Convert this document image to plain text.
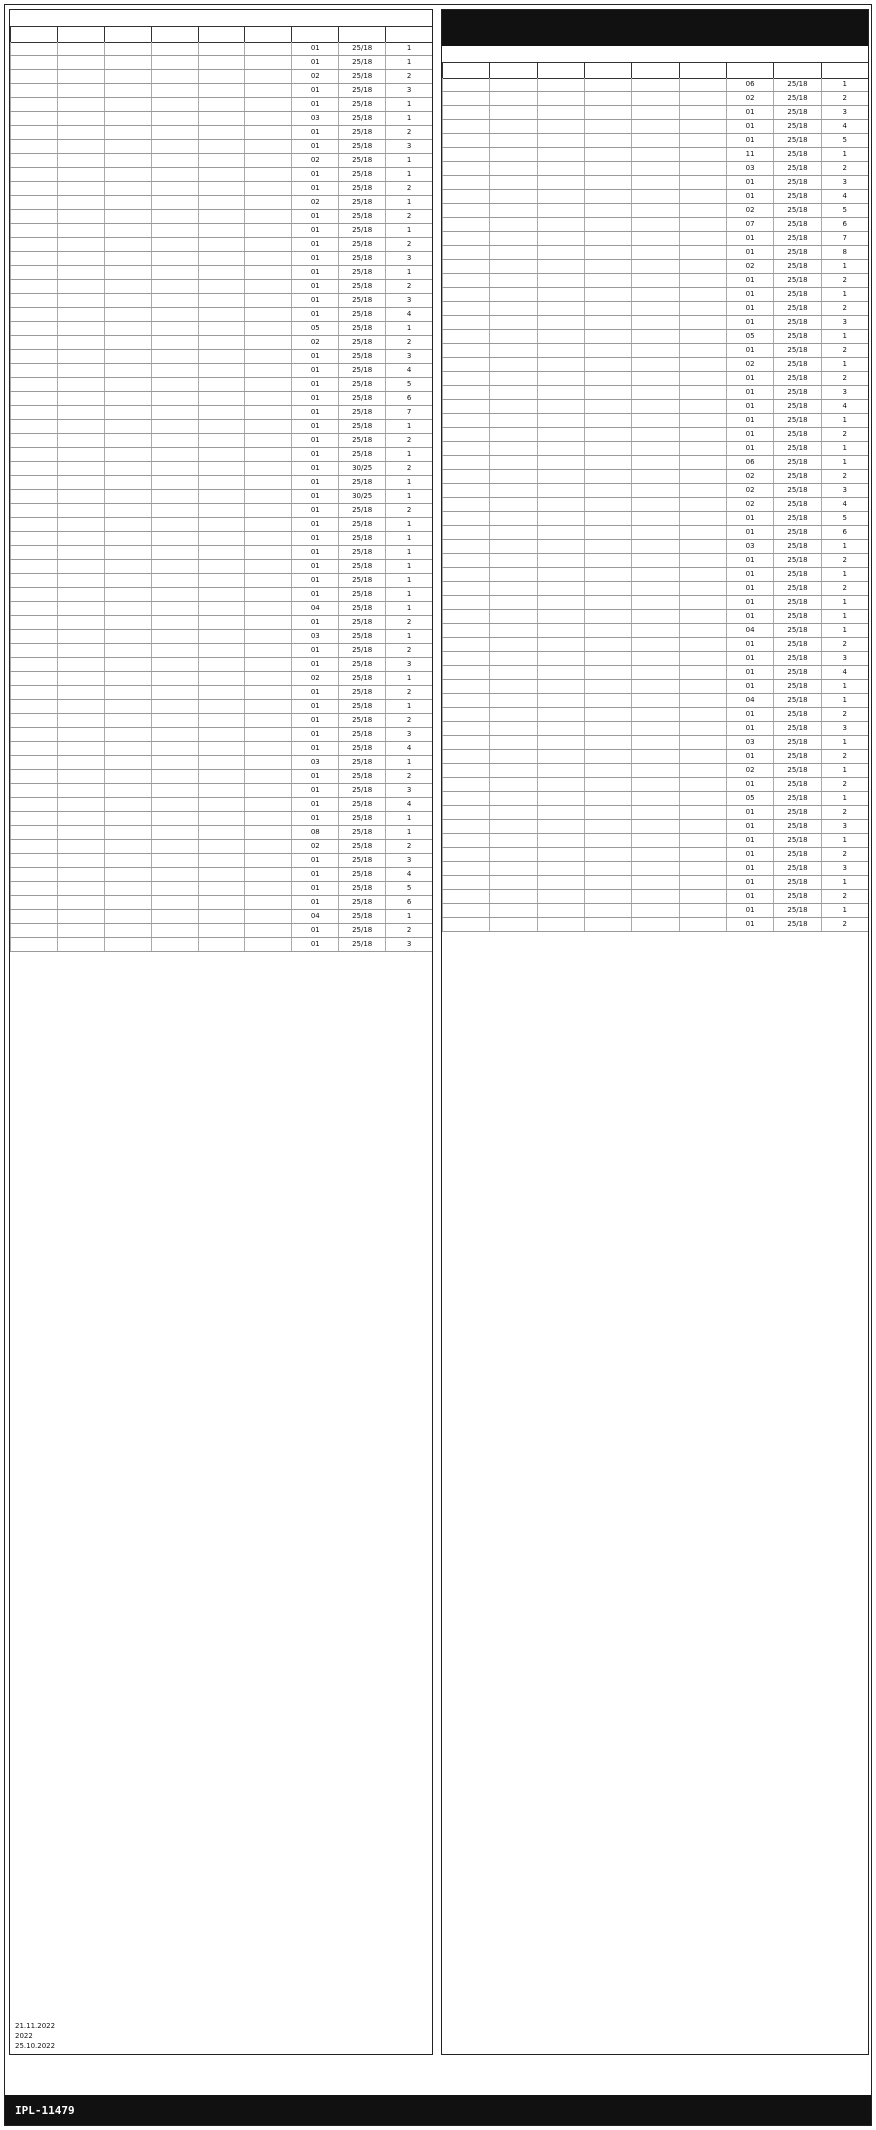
06	25/18	1
02	25/18	2
01	25/18	3
01	25/18	4
01	25/18	5
11	25/18	1
03	25/18	2
01	25/18	3
01	25/18	4
02	25/18	5
07	25/18	6
01	25/18	7
01	25/18	8
02	25/18	1
01	25/18	2
01	25/18	1
01	25/18	2
01	25/18	3
05	25/18	1
01	25/18	2
02	25/18	1
01	25/18	2
01	25/18	3
01	25/18	4
01	25/18	1
01	25/18	2
01	25/18	1
06	25/18	1
02	25/18	2
02	25/18	3
02	25/18	4
01	25/18	5
01	25/18	6
03	25/18	1
01	25/18	2
01	25/18	1
01	25/18	2
01	25/18	1
01	25/18	1
04	25/18	1
01	25/18	2
01	25/18	3
01	25/18	4
01	25/18	1
04	25/18	1
01	25/18	2
01	25/18	3
03	25/18	1
01	25/18	2
02	25/18	1
01	25/18	2
05	25/18	1
01	25/18	2
01	25/18	3
01	25/18	1
01	25/18	2
01	25/18	3
01	25/18	1
01	25/18	2
01	25/18	1
01	25/18	2
01	25/18	1
01	25/18	1
02	25/18	2
01	25/18	3
01	25/18	1
03	25/18	1
01	25/18	2
01	25/18	3
02	25/18	1
01	25/18	1
01	25/18	2
02	25/18	1
01	25/18	2
01	25/18	1
01	25/18	2
01	25/18	3
01	25/18	1
01	25/18	2
01	25/18	3
01	25/18	4
05	25/18	1
02	25/18	2
01	25/18	3
01	25/18	4
01	25/18	5
01	25/18	6
01	25/18	7
01	25/18	1
01	25/18	2
01	25/18	1
01	30/25	2
01	25/18	1
01	30/25	1
01	25/18	2
01	25/18	1
01	25/18	1
01	25/18	1
01	25/18	1
01	25/18	1
01	25/18	1
04	25/18	1
01	25/18	2
03	25/18	1
01	25/18	2
01	25/18	3
02	25/18	1
01	25/18	2
01	25/18	1
01	25/18	2
01	25/18	3
01	25/18	4
03	25/18	1
01	25/18	2
01	25/18	3
01	25/18	4
01	25/18	1
08	25/18	1
02	25/18	2
01	25/18	3
01	25/18	4
01	25/18	5
01	25/18	6
04	25/18	1
01	25/18	2
01	25/18	3
21.11.2022
2022
25.10.2022
IPL-11479
